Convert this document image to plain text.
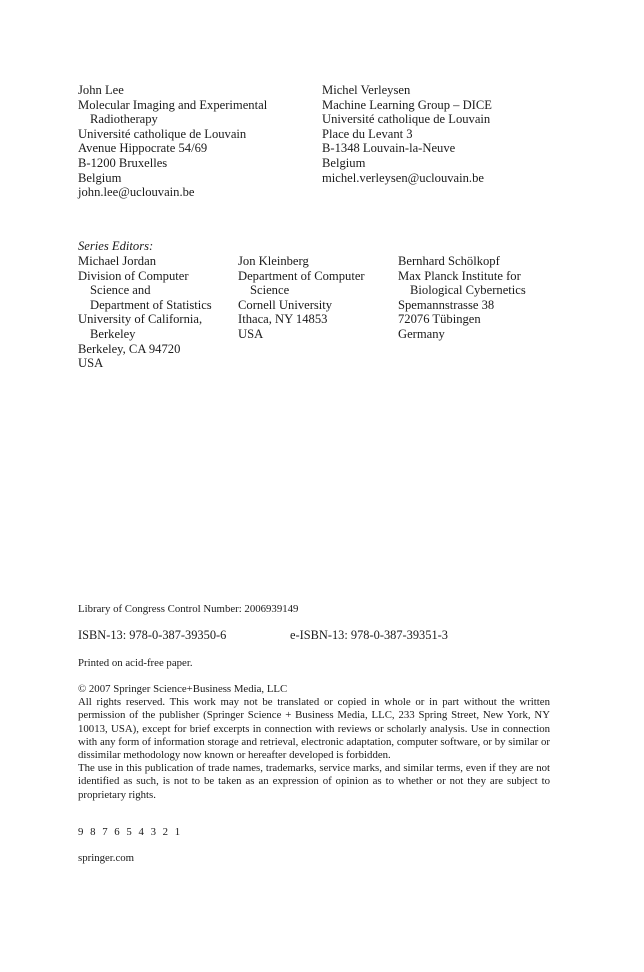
John Lee
Molecular Imaging and Experimental
Radiotherapy
Université catholique de Louvain
Avenue Hippocrate 54/69
B-1200 Bruxelles
Belgium
john.lee@uclouvain.be
Michel Verleysen
Machine Learning Group – DICE
Université catholique de Louvain
Place du Levant 3
B-1348 Louvain-la-Neuve
Belgium
michel.verleysen@uclouvain.be
Series Editors:
Michael Jordan
Division of Computer
Science and
Department of Statistics
University of California,
Berkeley
Berkeley, CA 94720
USA
Jon Kleinberg
Department of Computer
Science
Cornell University
Ithaca, NY 14853
USA
Bernhard Schölkopf
Max Planck Institute for
Biological Cybernetics
Spemannstrasse 38
72076 Tübingen
Germany
Library of Congress Control Number: 2006939149
ISBN-13: 978-0-387-39350-6	e-ISBN-13: 978-0-387-39351-3
Printed on acid-free paper.

© 2007 Springer Science+Business Media, LLC

All rights reserved. This work may not be translated or copied in whole or in part without the written permission of the publisher (Springer Science + Business Media, LLC, 233 Spring Street, New York, NY 10013, USA), except for brief excerpts in connection with reviews or scholarly analysis. Use in connection with any form of information storage and retrieval, electronic adaptation, computer software, or by similar or dissimilar methodology now known or hereafter developed is forbidden.

The use in this publication of trade names, trademarks, service marks, and similar terms, even if they are not identified as such, is not to be taken as an expression of opinion as to whether or not they are subject to proprietary rights.

9 8 7 6 5 4 3 2 1
springer.com
